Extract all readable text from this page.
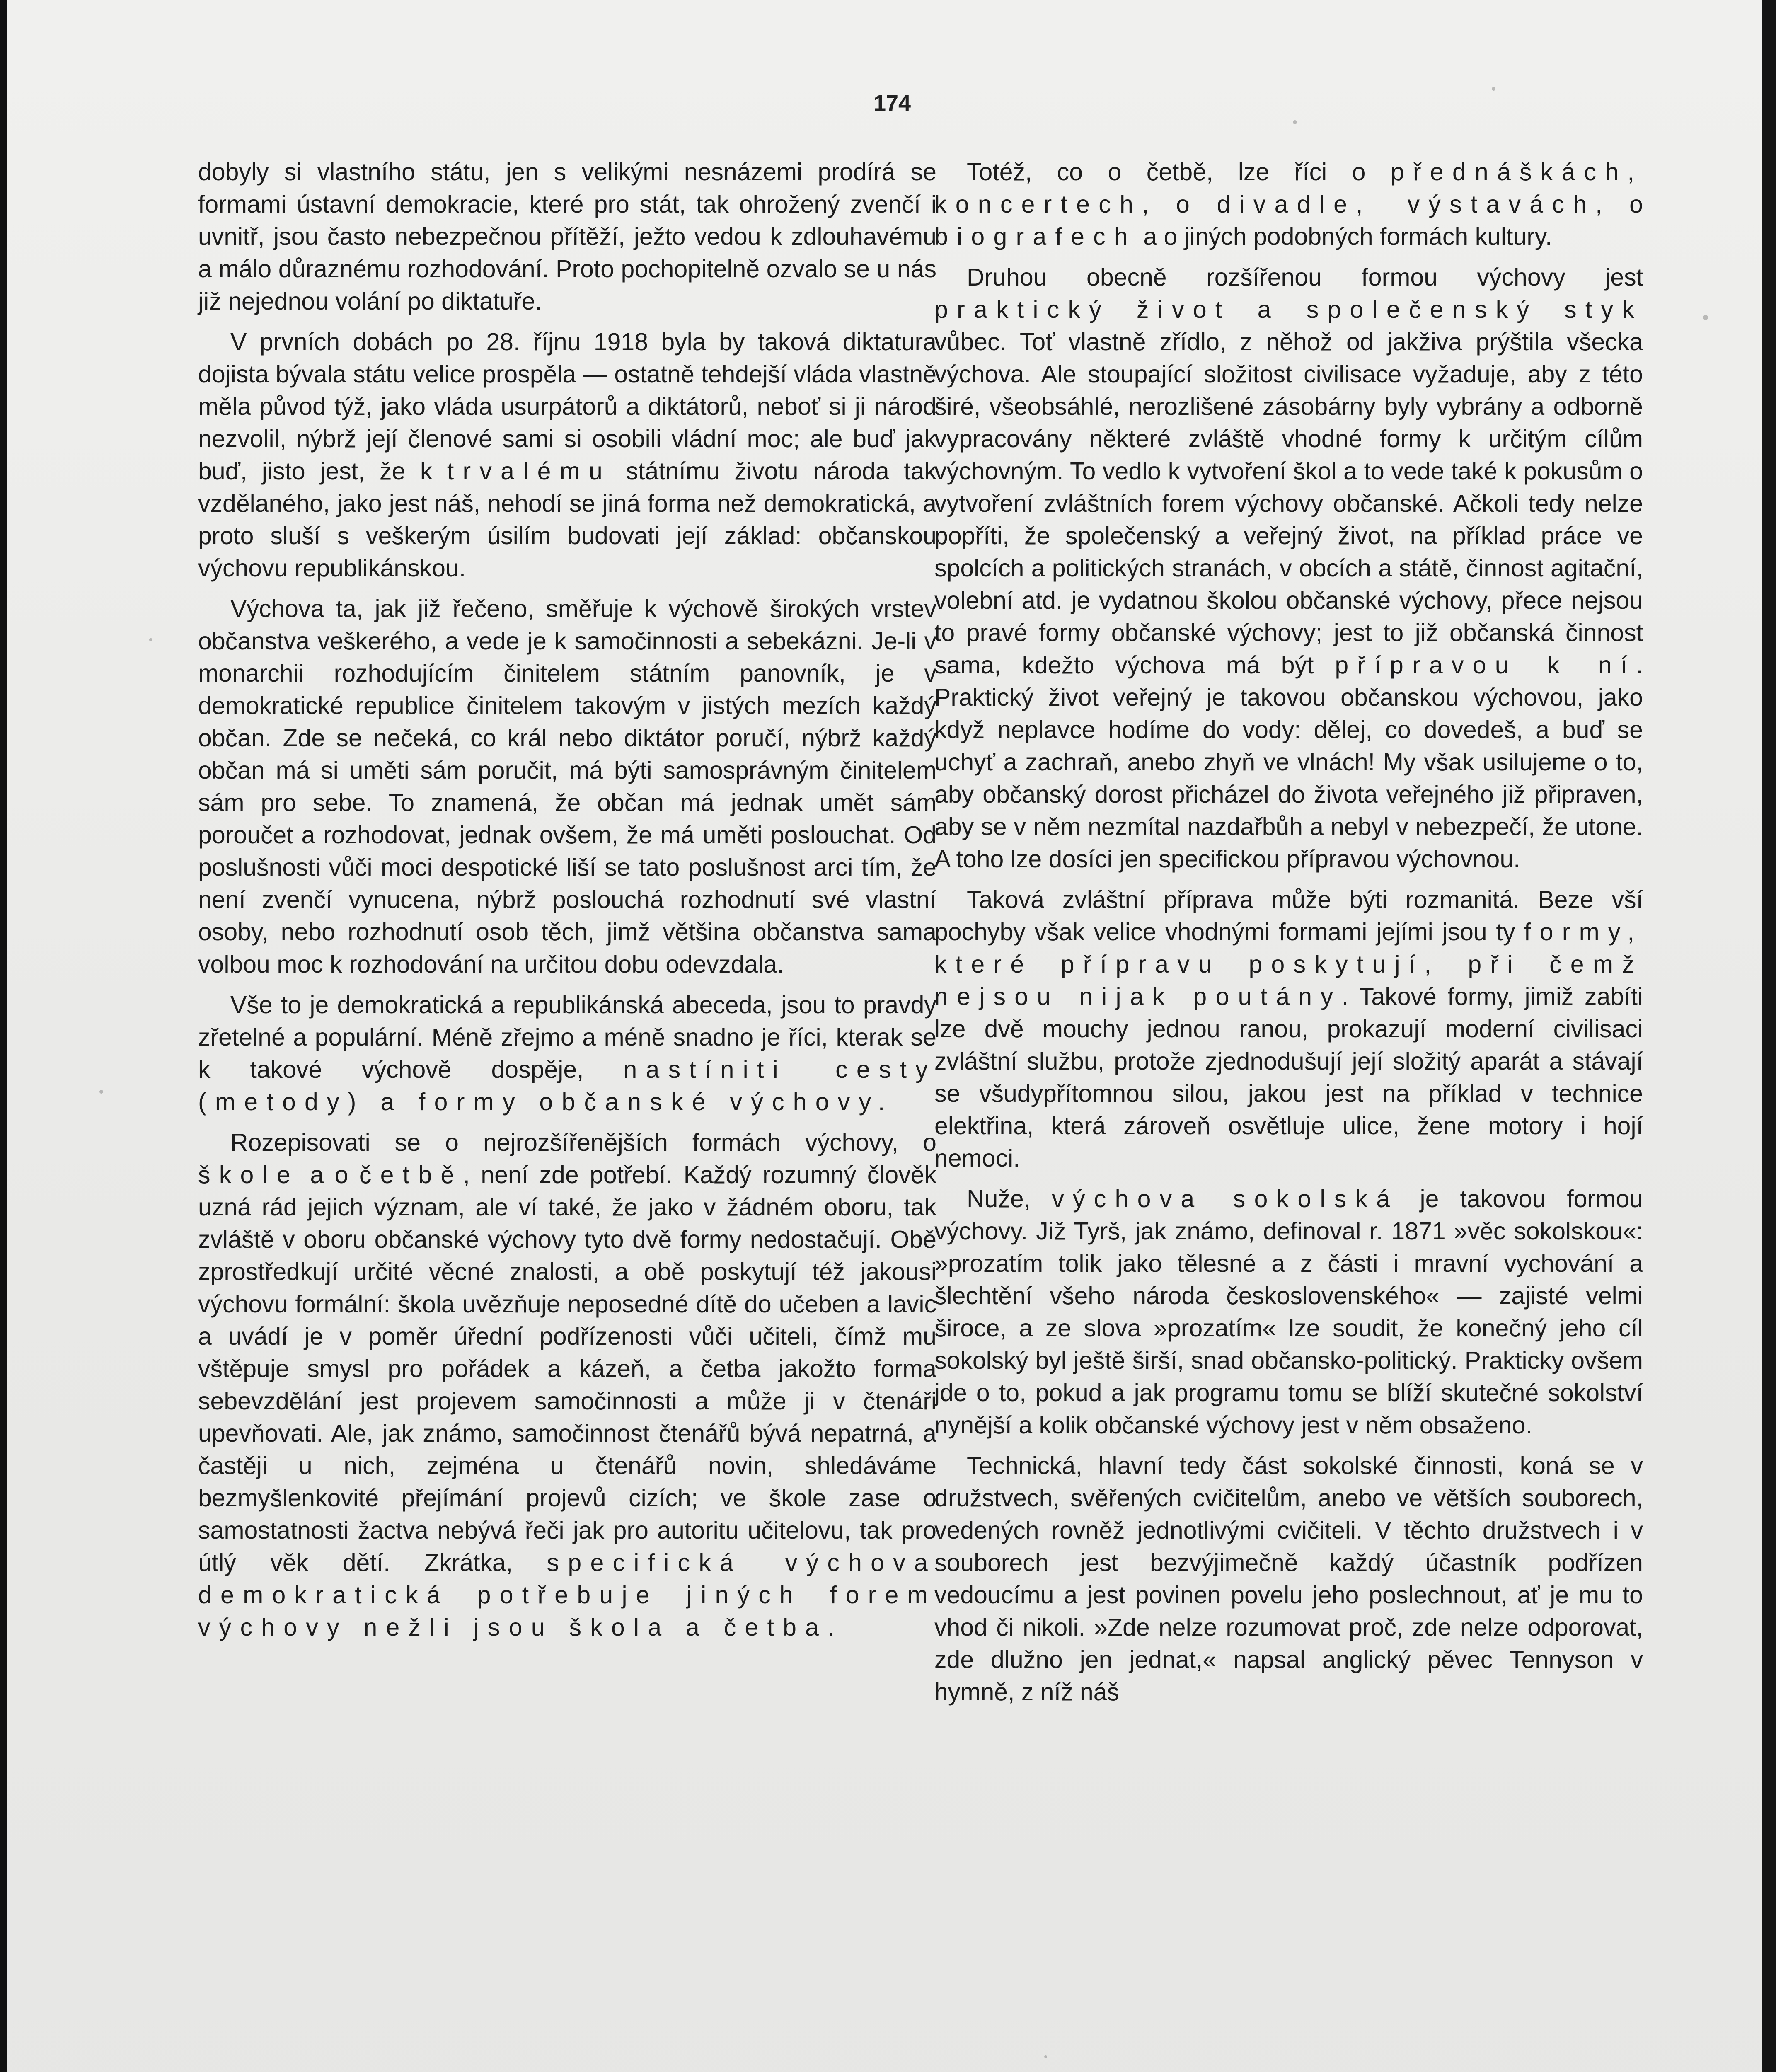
174

dobyly si vlastního státu, jen s velikými nesnázemi prodírá se formami ústavní demokracie, které pro stát, tak ohrožený zvenčí i uvnitř, jsou často nebezpečnou přítěží, ježto vedou k zdlouhavému a málo důraznému rozhodování. Proto pochopitelně ozvalo se u nás již nejednou volání po diktatuře.

V prvních dobách po 28. říjnu 1918 byla by taková diktatura dojista bývala státu velice prospěla — ostatně tehdejší vláda vlastně měla původ týž, jako vláda usurpátorů a diktátorů, neboť si ji národ nezvolil, nýbrž její členové sami si osobili vládní moc; ale buď jak buď, jisto jest, že k trvalému státnímu životu národa tak vzdělaného, jako jest náš, nehodí se jiná forma než demokratická, a proto sluší s veškerým úsilím budovati její základ: občanskou výchovu republikánskou.

Výchova ta, jak již řečeno, směřuje k výchově širokých vrstev občanstva veškerého, a vede je k samočinnosti a sebekázni. Je-li v monarchii rozhodujícím činitelem státním panovník, je v demokratické republice činitelem takovým v jistých mezích každý občan. Zde se nečeká, co král nebo diktátor poručí, nýbrž každý občan má si uměti sám poručit, má býti samosprávným činitelem sám pro sebe. To znamená, že občan má jednak umět sám poroučet a rozhodovat, jednak ovšem, že má uměti poslouchat. Od poslušnosti vůči moci despotické liší se tato poslušnost arci tím, že není zvenčí vynucena, nýbrž poslouchá rozhodnutí své vlastní osoby, nebo rozhodnutí osob těch, jimž většina občanstva sama volbou moc k rozhodování na určitou dobu odevzdala.

Vše to je demokratická a republikánská abeceda, jsou to pravdy zřetelné a populární. Méně zřejmo a méně snadno je říci, kterak se k takové výchově dospěje, nastíniti cesty (metody) a formy občanské výchovy.

Rozepisovati se o nejrozšířenějších formách výchovy, o škole a o četbě, není zde potřebí. Každý rozumný člověk uzná rád jejich význam, ale ví také, že jako v žádném oboru, tak zvláště v oboru občanské výchovy tyto dvě formy nedostačují. Obě zprostředkují určité věcné znalosti, a obě poskytují též jakousi výchovu formální: škola uvězňuje neposedné dítě do učeben a lavic a uvádí je v poměr úřední podřízenosti vůči učiteli, čímž mu vštěpuje smysl pro pořádek a kázeň, a četba jakožto forma sebevzdělání jest projevem samočinnosti a může ji v čtenáři upevňovati. Ale, jak známo, samočinnost čtenářů bývá nepatrná, a častěji u nich, zejména u čtenářů novin, shledáváme bezmyšlenkovité přejímání projevů cizích; ve škole zase o samostatnosti žactva nebývá řeči jak pro autoritu učitelovu, tak pro útlý věk dětí. Zkrátka, specifická výchova demokratická potřebuje jiných forem výchovy nežli jsou škola a četba.

Totéž, co o četbě, lze říci o přednáškách, koncertech, o divadle, výstavách, o biografech a o jiných podobných formách kultury.

Druhou obecně rozšířenou formou výchovy jest praktický život a společenský styk vůbec. Toť vlastně zřídlo, z něhož od jakživa prýštila všecka výchova. Ale stoupající složitost civilisace vyžaduje, aby z této širé, všeobsáhlé, nerozlišené zásobárny byly vybrány a odborně vypracovány některé zvláště vhodné formy k určitým cílům výchovným. To vedlo k vytvoření škol a to vede také k pokusům o vytvoření zvláštních forem výchovy občanské. Ačkoli tedy nelze popříti, že společenský a veřejný život, na příklad práce ve spolcích a politických stranách, v obcích a státě, činnost agitační, volební atd. je vydatnou školou občanské výchovy, přece nejsou to pravé formy občanské výchovy; jest to již občanská činnost sama, kdežto výchova má být přípravou k ní. Praktický život veřejný je takovou občanskou výchovou, jako když neplavce hodíme do vody: dělej, co dovedeš, a buď se uchyť a zachraň, anebo zhyň ve vlnách! My však usilujeme o to, aby občanský dorost přicházel do života veřejného již připraven, aby se v něm nezmítal nazdařbůh a nebyl v nebezpečí, že utone. A toho lze dosíci jen specifickou přípravou výchovnou.

Taková zvláštní příprava může býti rozmanitá. Beze vší pochyby však velice vhodnými formami jejími jsou ty formy, které přípravu poskytují, při čemž nejsou nijak poutány. Takové formy, jimiž zabíti lze dvě mouchy jednou ranou, prokazují moderní civilisaci zvláštní službu, protože zjednodušují její složitý aparát a stávají se všudypřítomnou silou, jakou jest na příklad v technice elektřina, která zároveň osvětluje ulice, žene motory i hojí nemoci.

Nuže, výchova sokolská je takovou formou výchovy. Již Tyrš, jak známo, definoval r. 1871 »věc sokolskou«: »prozatím tolik jako tělesné a z části i mravní vychování a šlechtění všeho národa československého« — zajisté velmi široce, a ze slova »prozatím« lze soudit, že konečný jeho cíl sokolský byl ještě širší, snad občansko-politický. Prakticky ovšem jde o to, pokud a jak programu tomu se blíží skutečné sokolství nynější a kolik občanské výchovy jest v něm obsaženo.

Technická, hlavní tedy část sokolské činnosti, koná se v družstvech, svěřených cvičitelům, anebo ve větších souborech, vedených rovněž jednotlivými cvičiteli. V těchto družstvech i v souborech jest bezvýjimečně každý účastník podřízen vedoucímu a jest povinen povelu jeho poslechnout, ať je mu to vhod či nikoli. »Zde nelze rozumovat proč, zde nelze odporovat, zde dlužno jen jednat,« napsal anglický pěvec Tennyson v hymně, z níž náš
